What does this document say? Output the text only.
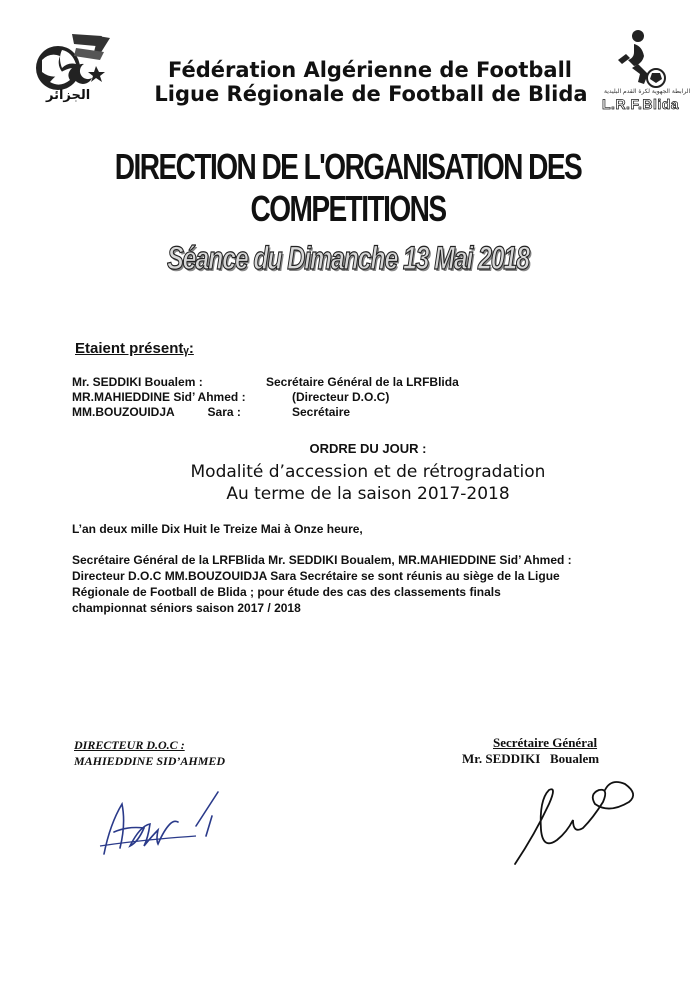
الجزائر	الرابطة الجهوية لكرة القدم البليدية
L.R.F.Blida
Fédération Algérienne de Football
Ligue Régionale de Football de Blida
DIRECTION DE L'ORGANISATION DES COMPETITIONS
Séance du Dimanche 13 Mai 2018
Etaient présentᵧ:
Mr. SEDDIKI Boualem :	Secrétaire Général de la LRFBlida
MR.MAHIEDDINE Sid’ Ahmed :	(Directeur D.O.C)
MM.BOUZOUIDJA          Sara :	Secrétaire
ORDRE DU JOUR :
Modalité d’accession et de rétrogradation
Au terme de la saison 2017-2018
L’an deux mille Dix Huit le Treize Mai à Onze heure,
Secrétaire Général de la LRFBlida Mr. SEDDIKI Boualem, MR.MAHIEDDINE Sid’ Ahmed :
Directeur D.O.C MM.BOUZOUIDJA Sara Secrétaire se sont réunis au siège de la Ligue
Régionale de Football de Blida ; pour étude des cas des classements finals
championnat séniors saison 2017 / 2018
DIRECTEUR D.O.C :
MAHIEDDINE SID’AHMED
Secrétaire Général
Mr. SEDDIKI   Boualem
